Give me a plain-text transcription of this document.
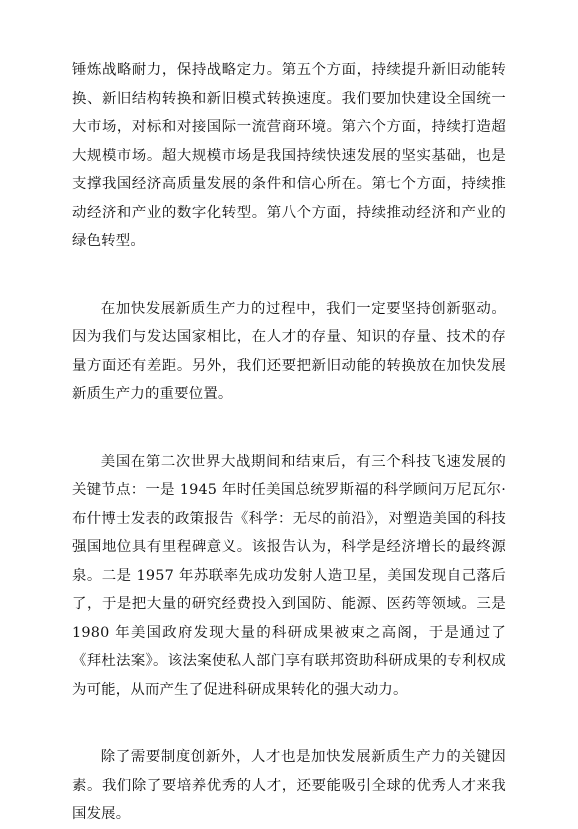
锤炼战略耐力，保持战略定力。第五个方面，持续提升新旧动能转换、新旧结构转换和新旧模式转换速度。我们要加快建设全国统一大市场，对标和对接国际一流营商环境。第六个方面，持续打造超大规模市场。超大规模市场是我国持续快速发展的坚实基础，也是支撑我国经济高质量发展的条件和信心所在。第七个方面，持续推动经济和产业的数字化转型。第八个方面，持续推动经济和产业的绿色转型。

在加快发展新质生产力的过程中，我们一定要坚持创新驱动。因为我们与发达国家相比，在人才的存量、知识的存量、技术的存量方面还有差距。另外，我们还要把新旧动能的转换放在加快发展新质生产力的重要位置。

美国在第二次世界大战期间和结束后，有三个科技飞速发展的关键节点：一是 1945 年时任美国总统罗斯福的科学顾问万尼瓦尔·布什博士发表的政策报告《科学：无尽的前沿》，对塑造美国的科技强国地位具有里程碑意义。该报告认为，科学是经济增长的最终源泉。二是 1957 年苏联率先成功发射人造卫星，美国发现自己落后了，于是把大量的研究经费投入到国防、能源、医药等领域。三是 1980 年美国政府发现大量的科研成果被束之高阁，于是通过了《拜杜法案》。该法案使私人部门享有联邦资助科研成果的专利权成为可能，从而产生了促进科研成果转化的强大动力。

除了需要制度创新外，人才也是加快发展新质生产力的关键因素。我们除了要培养优秀的人才，还要能吸引全球的优秀人才来我国发展。
